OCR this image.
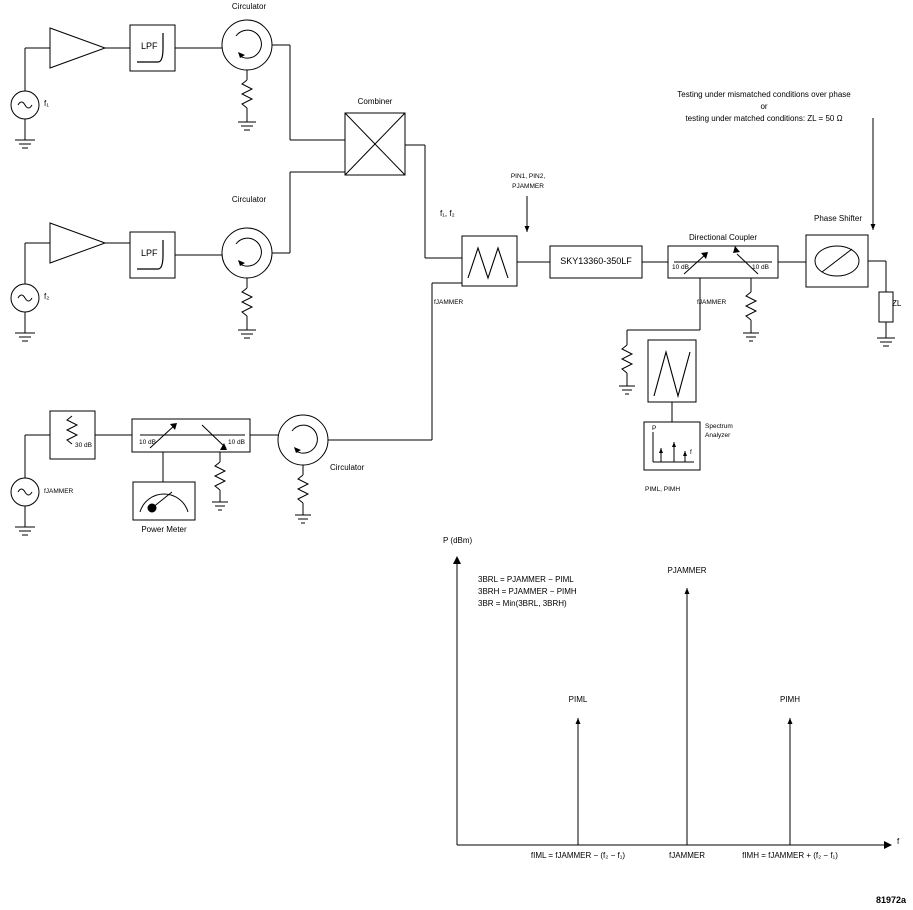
f₁
f₂
fJAMMER
LPF
LPF
Circulator
Circulator
Circulator
Combiner
30 dB	10 dB	10 dB
Power Meter
f₁, f₂
fJAMMER
PIN1, PIN2,
PJAMMER
SKY13360-350LF
Directional Coupler
10 dB	10 dB
fJAMMER
Phase Shifter
ZL
Testing under mismatched conditions over phase
or
testing under matched conditions: ZL = 50 Ω
P
f
Spectrum
Analyzer
PIML, PIMH
P (dBm)
f
3BRL = PJAMMER − PIML
3BRH = PJAMMER − PIMH
3BR = Min(3BRL, 3BRH)
PIML
PJAMMER
PIMH
fIML = fJAMMER − (f₂ − f₁)	fJAMMER	fIMH = fJAMMER + (f₂ − f₁)
81972a
